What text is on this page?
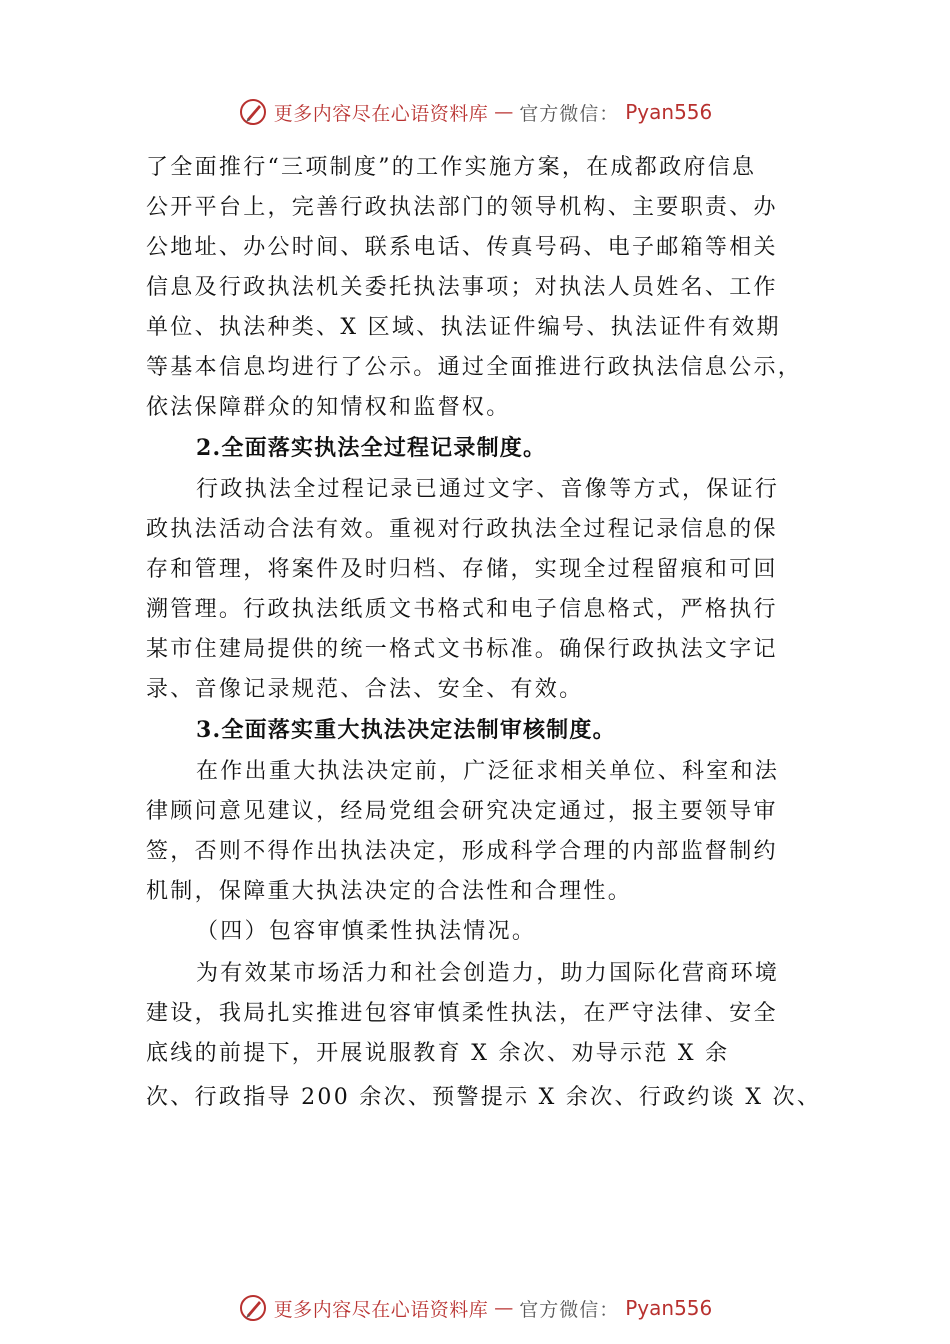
更多内容尽在心语资料库 — 官方微信： Pyan556
了全面推行“三项制度”的工作实施方案，在成都政府信息
公开平台上，完善行政执法部门的领导机构、主要职责、办
公地址、办公时间、联系电话、传真号码、电子邮箱等相关
信息及行政执法机关委托执法事项；对执法人员姓名、工作
单位、执法种类、X 区域、执法证件编号、执法证件有效期
等基本信息均进行了公示。通过全面推进行政执法信息公示，
依法保障群众的知情权和监督权。
2.全面落实执法全过程记录制度。
行政执法全过程记录已通过文字、音像等方式，保证行
政执法活动合法有效。重视对行政执法全过程记录信息的保
存和管理，将案件及时归档、存储，实现全过程留痕和可回
溯管理。行政执法纸质文书格式和电子信息格式，严格执行
某市住建局提供的统一格式文书标准。确保行政执法文字记
录、音像记录规范、合法、安全、有效。
3.全面落实重大执法决定法制审核制度。
在作出重大执法决定前，广泛征求相关单位、科室和法
律顾问意见建议，经局党组会研究决定通过，报主要领导审
签，否则不得作出执法决定，形成科学合理的内部监督制约
机制，保障重大执法决定的合法性和合理性。
（四）包容审慎柔性执法情况。
为有效某市场活力和社会创造力，助力国际化营商环境
建设，我局扎实推进包容审慎柔性执法，在严守法律、安全
底线的前提下，开展说服教育 X 余次、劝导示范 X 余
次、行政指导 200 余次、预警提示 X 余次、行政约谈 X 次、
更多内容尽在心语资料库 — 官方微信： Pyan556
